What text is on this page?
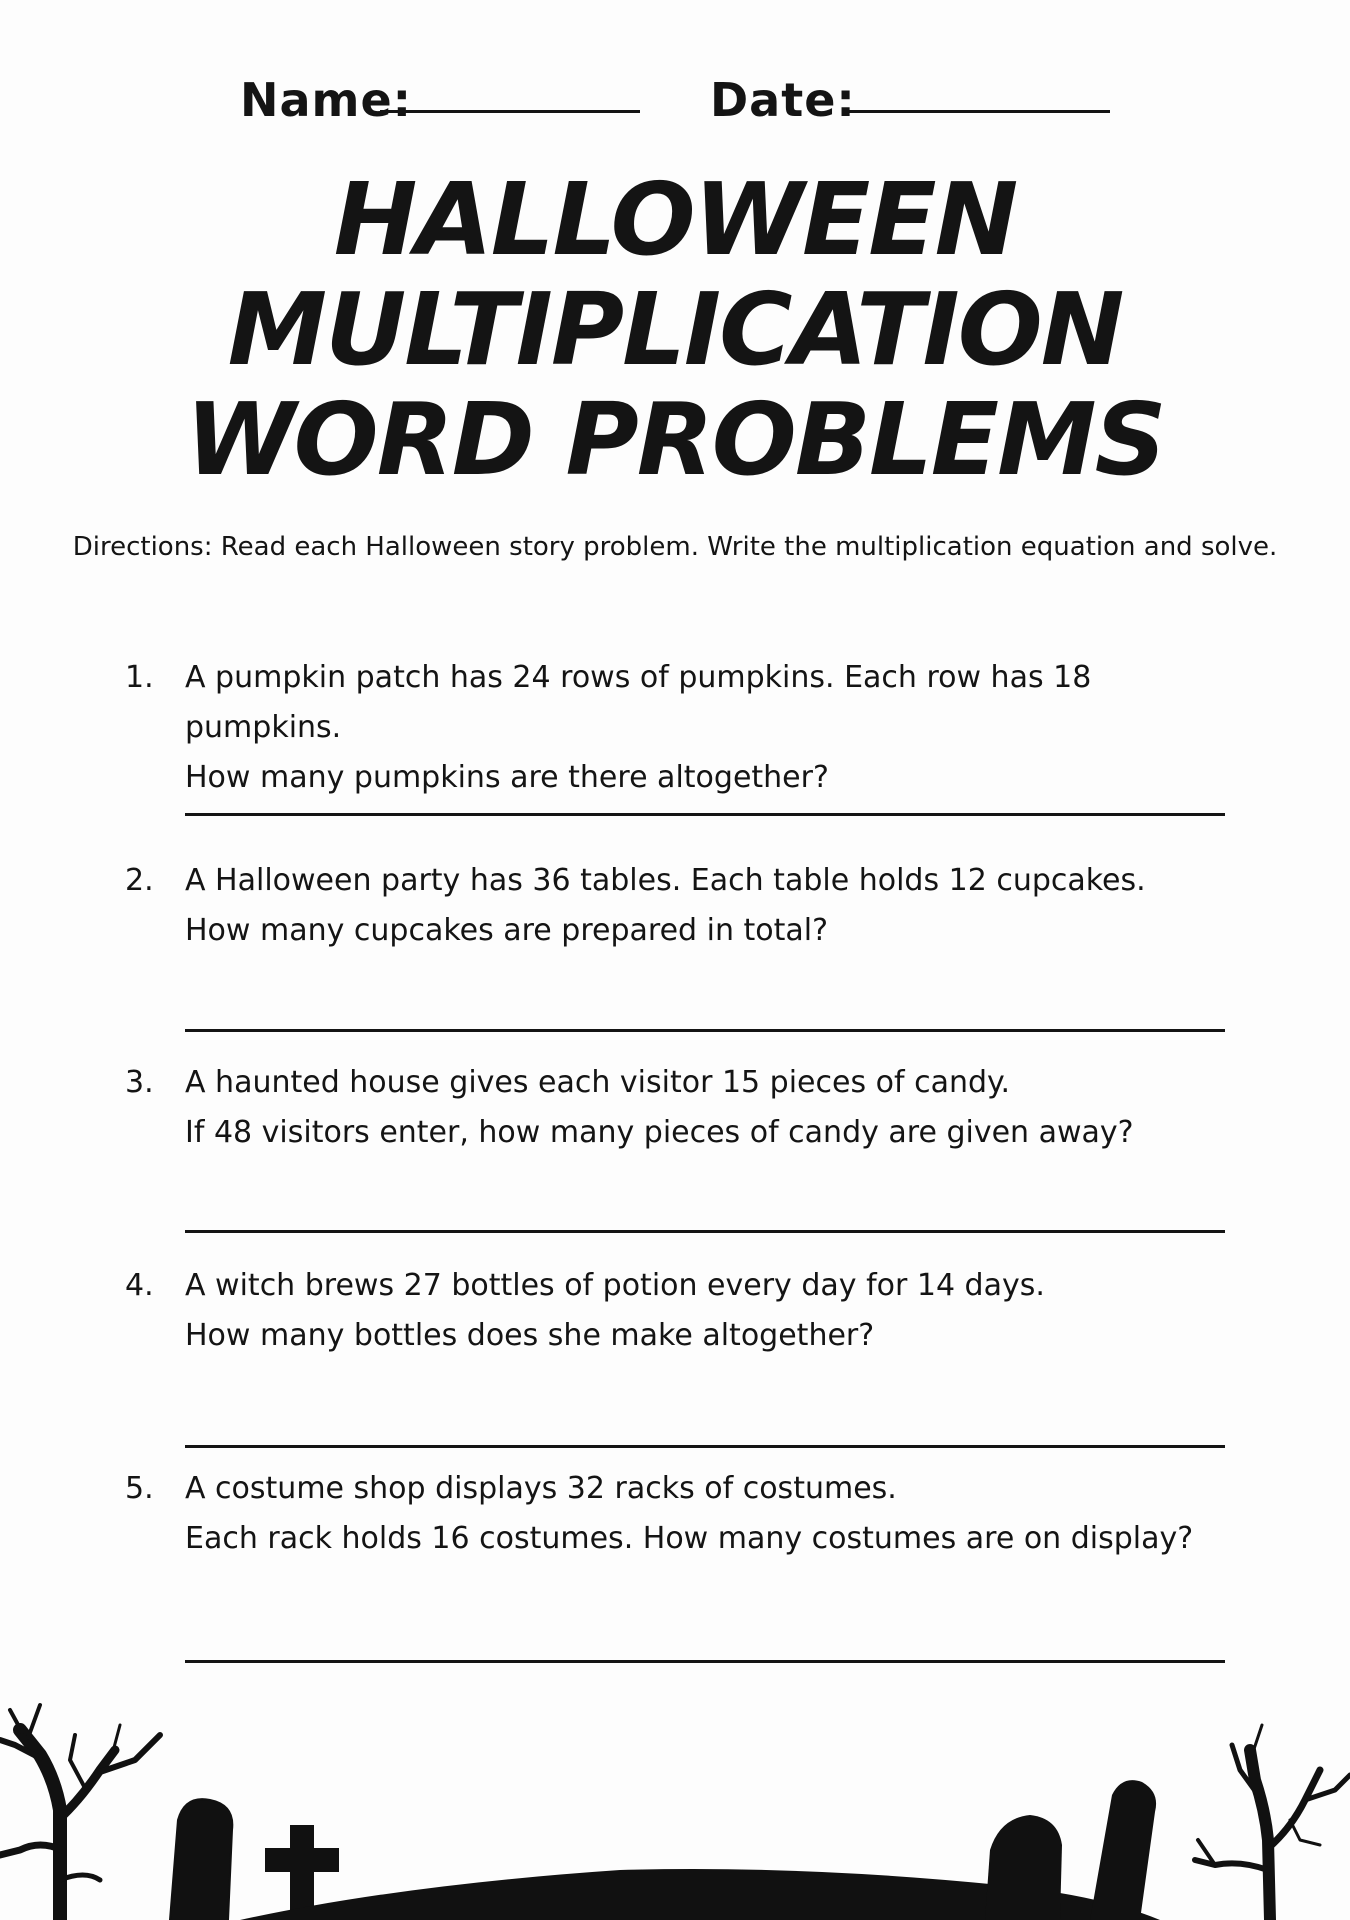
Name:	Date:
HALLOWEEN
MULTIPLICATION
WORD PROBLEMS

Directions: Read each Halloween story problem. Write the multiplication equation and solve.

1.	A pumpkin patch has 24 rows of pumpkins. Each row has 18 pumpkins.
How many pumpkins are there altogether?
2.	A Halloween party has 36 tables. Each table holds 12 cupcakes.
How many cupcakes are prepared in total?
3.	A haunted house gives each visitor 15 pieces of candy.
If 48 visitors enter, how many pieces of candy are given away?
4.	A witch brews 27 bottles of potion every day for 14 days.
How many bottles does she make altogether?
5.	A costume shop displays 32 racks of costumes.
Each rack holds 16 costumes. How many costumes are on display?
